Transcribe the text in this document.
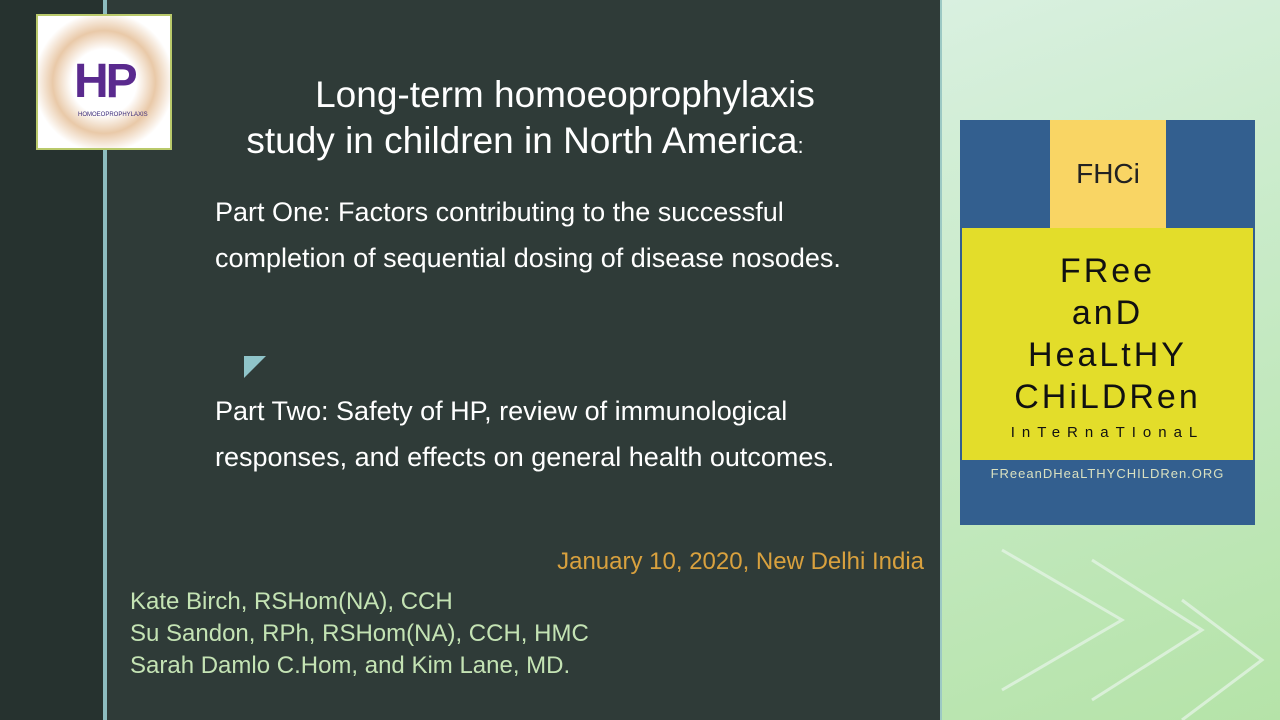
HP
HOMOEOPROPHYLAXIS	Long-term homoeoprophylaxis
study in children in North America:
Part One: Factors contributing to the successful completion of sequential dosing of disease nosodes.
Part Two: Safety of HP, review of immunological responses, and effects on general health outcomes.
January 10, 2020, New Delhi India
Kate Birch, RSHom(NA), CCH
Su Sandon, RPh, RSHom(NA), CCH, HMC
Sarah Damlo C.Hom, and Kim Lane, MD.
FHCi
FRee
anD
HeaLtHY
CHiLDRen
InTeRnaTIonaL
FReeanDHeaLTHYCHILDRen.ORG
